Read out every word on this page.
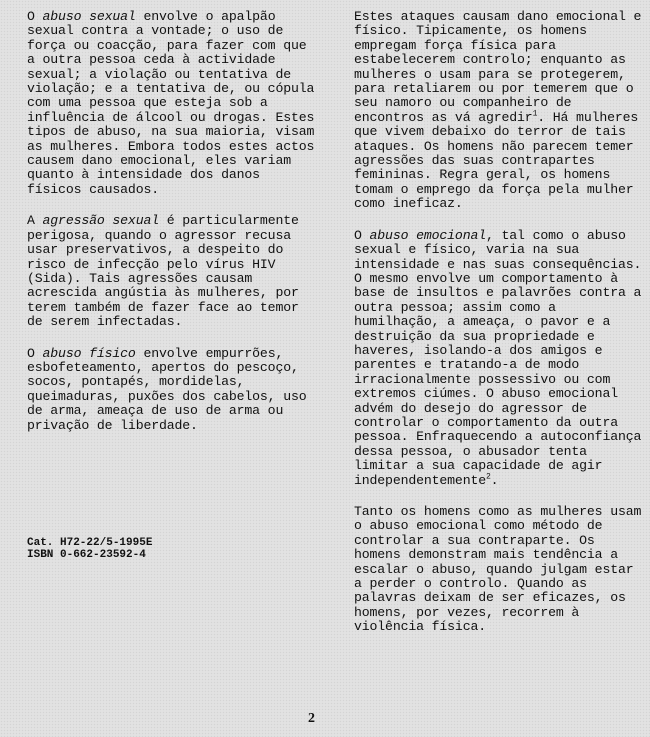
O abuso sexual envolve o apalpão sexual contra a vontade; o uso de força ou coacção, para fazer com que a outra pessoa ceda à actividade sexual; a violação ou tentativa de violação; e a tentativa de, ou cópula com uma pessoa que esteja sob a influência de álcool ou drogas. Estes tipos de abuso, na sua maioria, visam as mulheres. Embora todos estes actos causem dano emocional, eles variam quanto à intensidade dos danos físicos causados.

A agressão sexual é particularmente perigosa, quando o agressor recusa usar preservativos, a despeito do risco de infecção pelo vírus HIV (Sida). Tais agressões causam acrescida angústia às mulheres, por terem também de fazer face ao temor de serem infectadas.

O abuso físico envolve empurrões, esbofeteamento, apertos do pescoço, socos, pontapés, mordidelas, queimaduras, puxões dos cabelos, uso de arma, ameaça de uso de arma ou privação de liberdade.

Cat. H72-22/5-1995E
ISBN 0-662-23592-4

Estes ataques causam dano emocional e físico. Tipicamente, os homens empregam força física para estabelecerem controlo; enquanto as mulheres o usam para se protegerem, para retaliarem ou por temerem que o seu namoro ou companheiro de encontros as vá agredir$^1$. Há mulheres que vivem debaixo do terror de tais ataques. Os homens não parecem temer agressões das suas contrapartes femininas. Regra geral, os homens tomam o emprego da força pela mulher como ineficaz.

O abuso emocional, tal como o abuso sexual e físico, varia na sua intensidade e nas suas consequências. O mesmo envolve um comportamento à base de insultos e palavrões contra a outra pessoa; assim como a humilhação, a ameaça, o pavor e a destruição da sua propriedade e haveres, isolando-a dos amigos e parentes e tratando-a de modo irracionalmente possessivo ou com extremos ciúmes. O abuso emocional advém do desejo do agressor de controlar o comportamento da outra pessoa. Enfraquecendo a autoconfiança dessa pessoa, o abusador tenta limitar a sua capacidade de agir independentemente$^2$.

Tanto os homens como as mulheres usam o abuso emocional como método de controlar a sua contraparte. Os homens demonstram mais tendência a escalar o abuso, quando julgam estar a perder o controlo. Quando as palavras deixam de ser eficazes, os homens, por vezes, recorrem à violência física.

2
